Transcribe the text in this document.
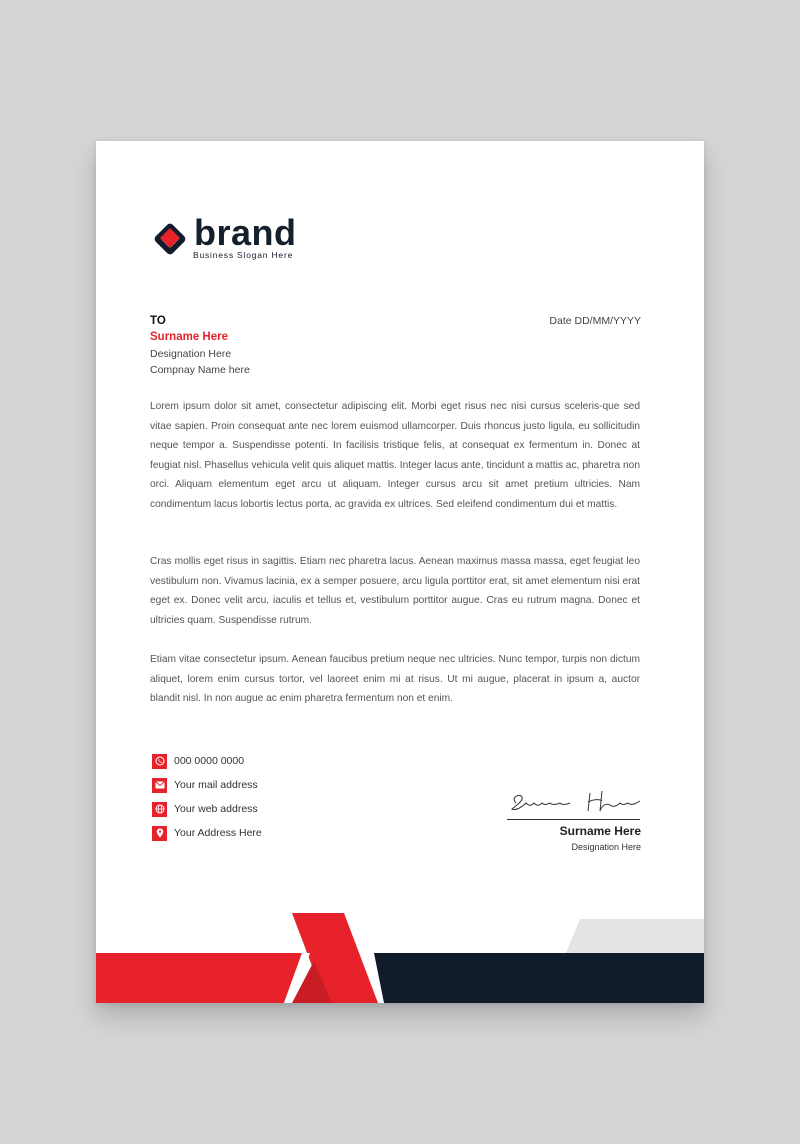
brand
Business Slogan Here
TO
Surname Here
Designation Here
Compnay Name here
Date DD/MM/YYYY

Lorem ipsum dolor sit amet, consectetur adipiscing elit. Morbi eget risus nec nisi cursus sceleris-que sed vitae sapien. Proin consequat ante nec lorem euismod ullamcorper. Duis rhoncus justo ligula, eu sollicitudin neque tempor a. Suspendisse potenti. In facilisis tristique felis, at consequat ex fermentum in. Donec at feugiat nisl. Phasellus vehicula velit quis aliquet mattis. Integer lacus ante, tincidunt a mattis ac, pharetra non orci. Aliquam elementum eget arcu ut aliquam. Integer cursus arcu sit amet pretium ultricies. Nam condimentum lacus lobortis lectus porta, ac gravida ex ultrices. Sed eleifend condimentum dui et mattis.

Cras mollis eget risus in sagittis. Etiam nec pharetra lacus. Aenean maximus massa massa, eget feugiat leo vestibulum non. Vivamus lacinia, ex a semper posuere, arcu ligula porttitor erat, sit amet elementum nisi erat eget ex. Donec velit arcu, iaculis et tellus et, vestibulum porttitor augue. Cras eu rutrum magna. Donec et ultricies quam. Suspendisse rutrum.

Etiam vitae consectetur ipsum. Aenean faucibus pretium neque nec ultricies. Nunc tempor, turpis non dictum aliquet, lorem enim cursus tortor, vel laoreet enim mi at risus. Ut mi augue, placerat in ipsum a, auctor blandit nisl. In non augue ac enim pharetra fermentum non et enim.

000 0000 0000
Your mail address
Your web address
Your Address Here	Surname Here
Designation Here
